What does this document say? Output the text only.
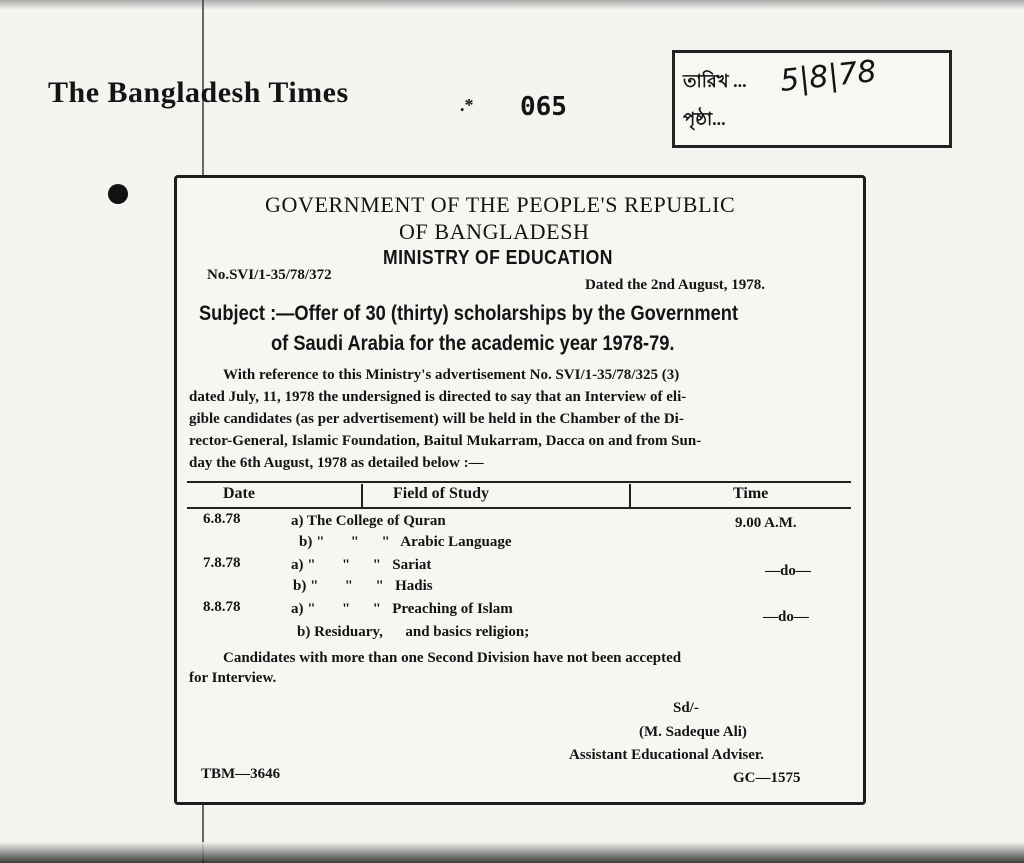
The Bangladesh Times	.* 065
তারিখ ... 5|8|78
পৃষ্ঠা...
GOVERNMENT OF THE PEOPLE'S REPUBLIC
OF BANGLADESH
MINISTRY OF EDUCATION
No.SVI/1-35/78/372
Dated the 2nd August, 1978.
Subject :—Offer of 30 (thirty) scholarships by the Government
of Saudi Arabia for the academic year 1978-79.
With reference to this Ministry's advertisement No. SVI/1-35/78/325 (3)
dated July, 11, 1978 the undersigned is directed to say that an Interview of eli-
gible candidates (as per advertisement) will be held in the Chamber of the Di-
rector-General, Islamic Foundation, Baitul Mukarram, Dacca on and from Sun-
day the 6th August, 1978 as detailed below :—
Date	Field of Study	Time
6.8.78	a) The College of Quran	9.00 A.M.
b) "       "      "   Arabic Language
7.8.78	a) "       "      "   Sariat	—do—
b) "       "      "   Hadis
8.8.78	a) "       "      "   Preaching of Islam	—do—
b) Residuary,      and basics religion;
Candidates with more than one Second Division have not been accepted
for Interview.
Sd/-
(M. Sadeque Ali)
Assistant Educational Adviser.
TBM—3646	GC—1575
